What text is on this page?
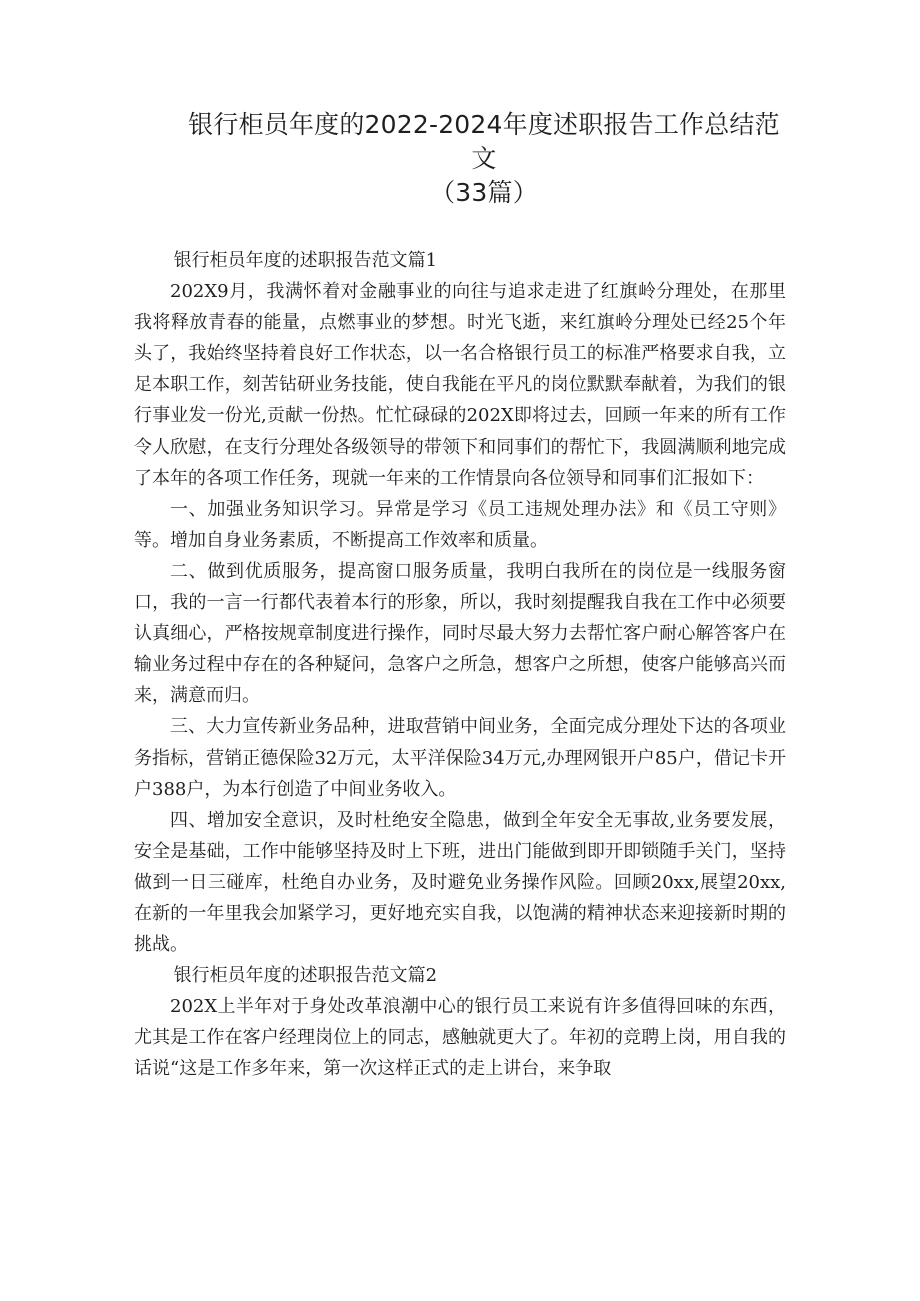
银行柜员年度的2022-2024年度述职报告工作总结范文
（33篇）

银行柜员年度的述职报告范文篇1

202X9月，我满怀着对金融事业的向往与追求走进了红旗岭分理处，在那里我将释放青春的能量，点燃事业的梦想。时光飞逝，来红旗岭分理处已经25个年头了，我始终坚持着良好工作状态，以一名合格银行员工的标准严格要求自我，立足本职工作，刻苦钻研业务技能，使自我能在平凡的岗位默默奉献着，为我们的银行事业发一份光,贡献一份热。忙忙碌碌的202X即将过去，回顾一年来的所有工作令人欣慰，在支行分理处各级领导的带领下和同事们的帮忙下，我圆满顺利地完成了本年的各项工作任务，现就一年来的工作情景向各位领导和同事们汇报如下：

一、加强业务知识学习。异常是学习《员工违规处理办法》和《员工守则》等。增加自身业务素质，不断提高工作效率和质量。

二、做到优质服务，提高窗口服务质量，我明白我所在的岗位是一线服务窗口，我的一言一行都代表着本行的形象，所以，我时刻提醒我自我在工作中必须要认真细心，严格按规章制度进行操作，同时尽最大努力去帮忙客户耐心解答客户在输业务过程中存在的各种疑问，急客户之所急，想客户之所想，使客户能够高兴而来，满意而归。

三、大力宣传新业务品种，进取营销中间业务，全面完成分理处下达的各项业务指标，营销正德保险32万元，太平洋保险34万元,办理网银开户85户，借记卡开户388户，为本行创造了中间业务收入。

四、增加安全意识，及时杜绝安全隐患，做到全年安全无事故,业务要发展，安全是基础，工作中能够坚持及时上下班，进出门能做到即开即锁随手关门，坚持做到一日三碰库，杜绝自办业务，及时避免业务操作风险。回顾20xx,展望20xx,在新的一年里我会加紧学习，更好地充实自我，以饱满的精神状态来迎接新时期的挑战。

银行柜员年度的述职报告范文篇2

202X上半年对于身处改革浪潮中心的银行员工来说有许多值得回味的东西，尤其是工作在客户经理岗位上的同志，感触就更大了。年初的竞聘上岗，用自我的话说“这是工作多年来，第一次这样正式的走上讲台，来争取
